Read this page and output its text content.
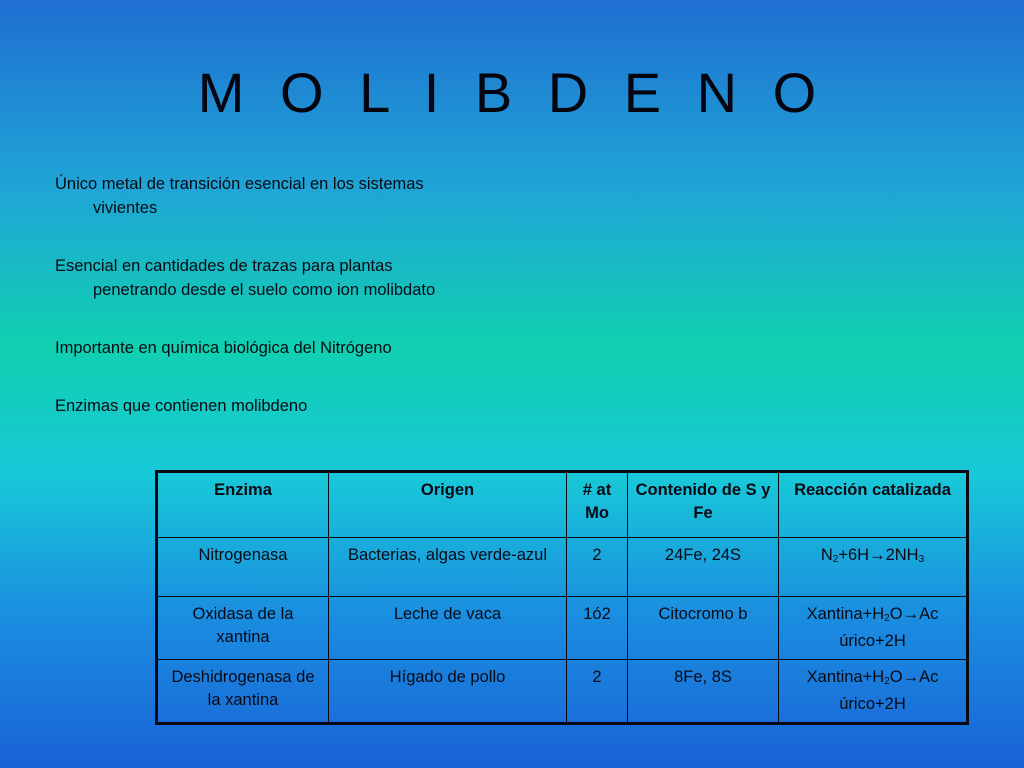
M O L I B D E N O
Único metal de transición esencial en los sistemas vivientes
Esencial en cantidades de trazas para plantas penetrando desde el suelo como ion molibdato
Importante en química biológica del Nitrógeno
Enzimas que contienen molibdeno
Enzima	Origen	# at Mo	Contenido de S y Fe	Reacción catalizada
Nitrogenasa	Bacterias, algas verde-azul	2	24Fe, 24S	$N_2+6H\to 2NH_3$
Oxidasa de la xantina	Leche de vaca	1ó2	Citocromo b	$Xantina+H_2O\to Ac$ úrico+2H
Deshidrogenasa de la xantina	Hígado de pollo	2	8Fe, 8S	$Xantina+H_2O\to Ac$ úrico+2H
